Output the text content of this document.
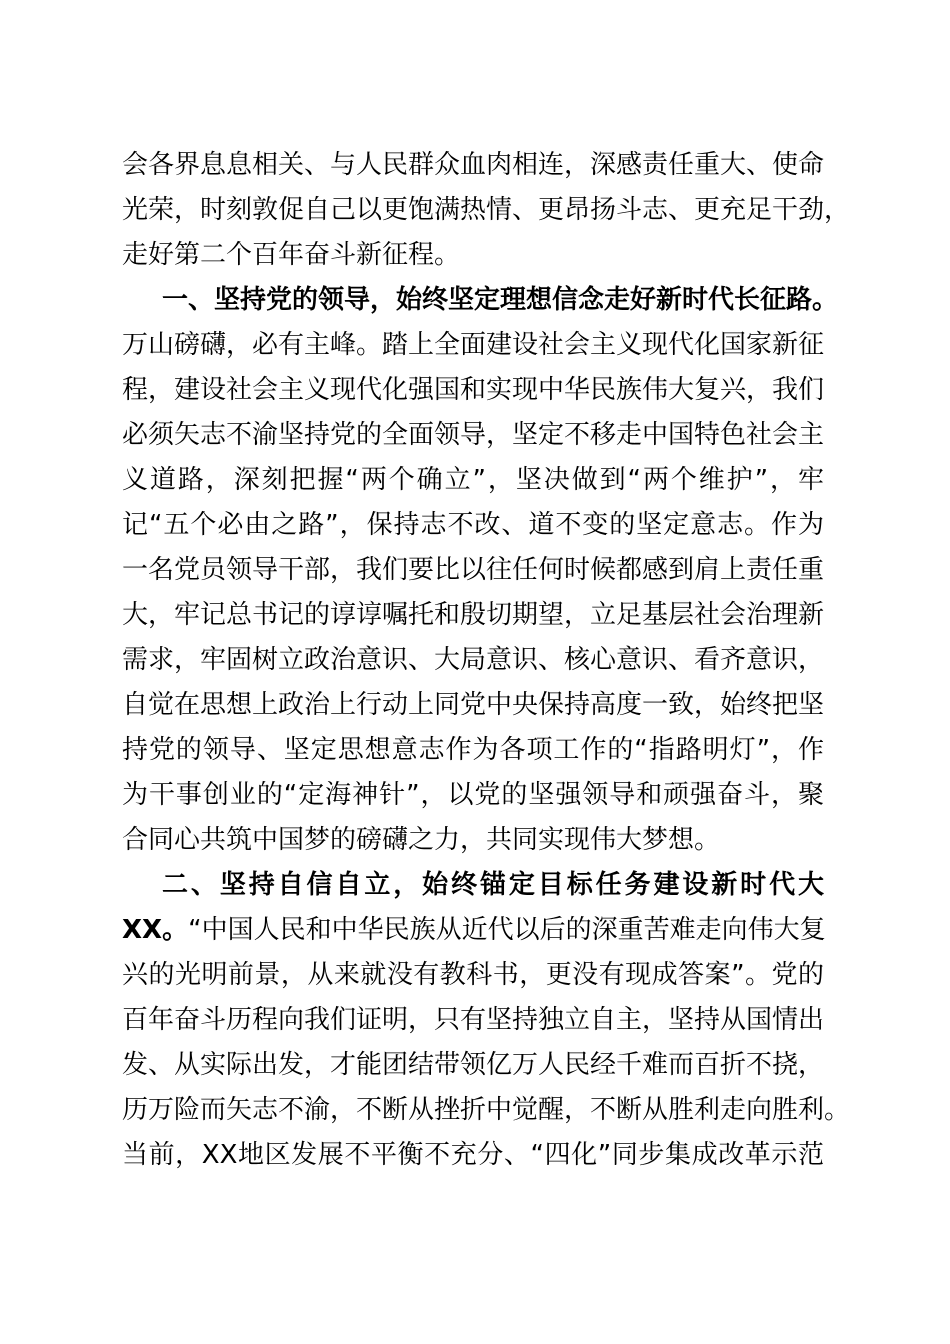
会各界息息相关、与人民群众血肉相连，深感责任重大、使命
光荣，时刻敦促自己以更饱满热情、更昂扬斗志、更充足干劲，
走好第二个百年奋斗新征程。
一、坚持党的领导，始终坚定理想信念走好新时代长征路。
万山磅礴，必有主峰。踏上全面建设社会主义现代化国家新征
程，建设社会主义现代化强国和实现中华民族伟大复兴，我们
必须矢志不渝坚持党的全面领导，坚定不移走中国特色社会主
义道路，深刻把握“两个确立”，坚决做到“两个维护”，牢
记“五个必由之路”，保持志不改、道不变的坚定意志。作为
一名党员领导干部，我们要比以往任何时候都感到肩上责任重
大，牢记总书记的谆谆嘱托和殷切期望，立足基层社会治理新
需求，牢固树立政治意识、大局意识、核心意识、看齐意识，
自觉在思想上政治上行动上同党中央保持高度一致，始终把坚
持党的领导、坚定思想意志作为各项工作的“指路明灯”，作
为干事创业的“定海神针”，以党的坚强领导和顽强奋斗，聚
合同心共筑中国梦的磅礴之力，共同实现伟大梦想。
二、坚持自信自立，始终锚定目标任务建设新时代大
XX。“中国人民和中华民族从近代以后的深重苦难走向伟大复
兴的光明前景，从来就没有教科书，更没有现成答案”。党的
百年奋斗历程向我们证明，只有坚持独立自主，坚持从国情出
发、从实际出发，才能团结带领亿万人民经千难而百折不挠，
历万险而矢志不渝，不断从挫折中觉醒，不断从胜利走向胜利。
当前，XX地区发展不平衡不充分、“四化”同步集成改革示范
